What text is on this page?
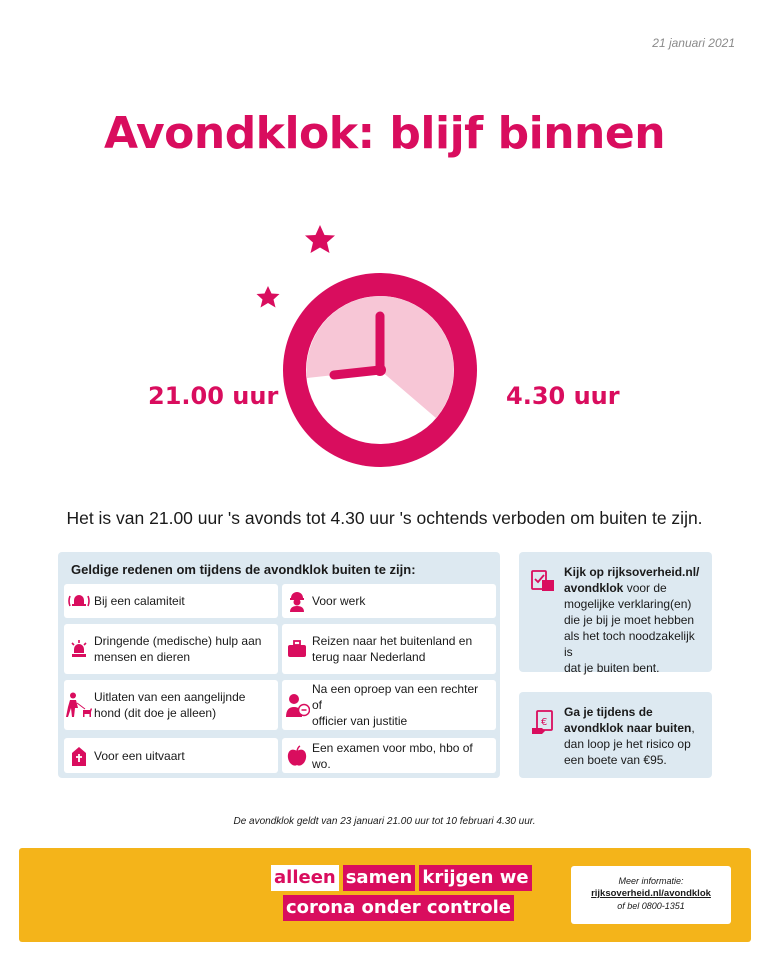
21 januari 2021
Avondklok: blijf binnen
21.00 uur	4.30 uur
Het is van 21.00 uur 's avonds tot 4.30 uur 's ochtends verboden om buiten te zijn.
Geldige redenen om tijdens de avondklok buiten te zijn:
Bij een calamiteit	Voor werk
Dringende (medische) hulp aan
mensen en dieren
Reizen naar het buitenland en
terug naar Nederland
Uitlaten van een aangelijnde
hond (dit doe je alleen)
Na een oproep van een rechter of
officier van justitie
Voor een uitvaart
Een examen voor mbo, hbo of wo.
Kijk op rijksoverheid.nl/
avondklok voor de
mogelijke verklaring(en)
die je bij je moet hebben
als het toch noodzakelijk is
dat je buiten bent.
€
Ga je tijdens de
avondklok naar buiten,
dan loop je het risico op
een boete van €95.
De avondklok geldt van 23 januari 21.00 uur tot 10 februari 4.30 uur.
alleen samen krijgen we
corona onder controle
Meer informatie:
rijksoverheid.nl/avondklok
of bel 0800-1351
